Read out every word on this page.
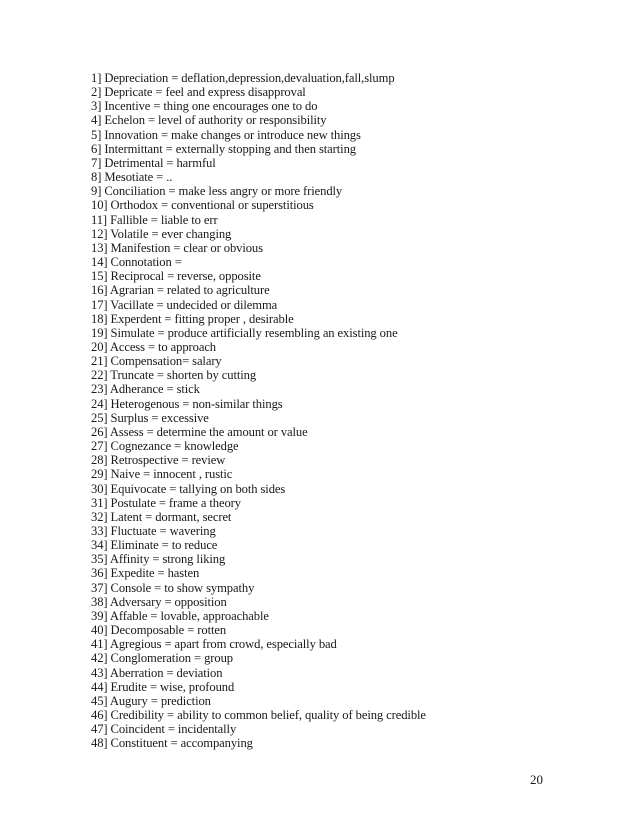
1] Depreciation = deflation,depression,devaluation,fall,slump
2] Depricate = feel and express disapproval
3] Incentive = thing one encourages one to do
4] Echelon = level of authority or responsibility
5] Innovation = make changes or introduce new things
6] Intermittant = externally stopping and then starting
7] Detrimental = harmful
8] Mesotiate = ..
9] Conciliation = make less angry or more friendly
10] Orthodox = conventional or superstitious
11] Fallible = liable to err
12] Volatile = ever changing
13] Manifestion = clear or obvious
14] Connotation =
15] Reciprocal = reverse, opposite
16] Agrarian = related to agriculture
17] Vacillate = undecided or dilemma
18] Experdent = fitting proper , desirable
19] Simulate = produce artificially resembling an existing one
20] Access = to approach
21] Compensation= salary
22] Truncate = shorten by cutting
23] Adherance = stick
24] Heterogenous = non-similar things
25] Surplus = excessive
26] Assess = determine the amount or value
27] Cognezance = knowledge
28] Retrospective = review
29] Naive = innocent , rustic
30] Equivocate = tallying on both sides
31] Postulate = frame a theory
32] Latent = dormant, secret
33] Fluctuate = wavering
34] Eliminate = to reduce
35] Affinity = strong liking
36] Expedite = hasten
37] Console = to show sympathy
38] Adversary = opposition
39] Affable = lovable, approachable
40] Decomposable = rotten
41] Agregious = apart from crowd, especially bad
42] Conglomeration = group
43] Aberration = deviation
44] Erudite = wise, profound
45] Augury = prediction
46] Credibility = ability to common belief, quality of being credible
47] Coincident = incidentally
48] Constituent = accompanying
20
